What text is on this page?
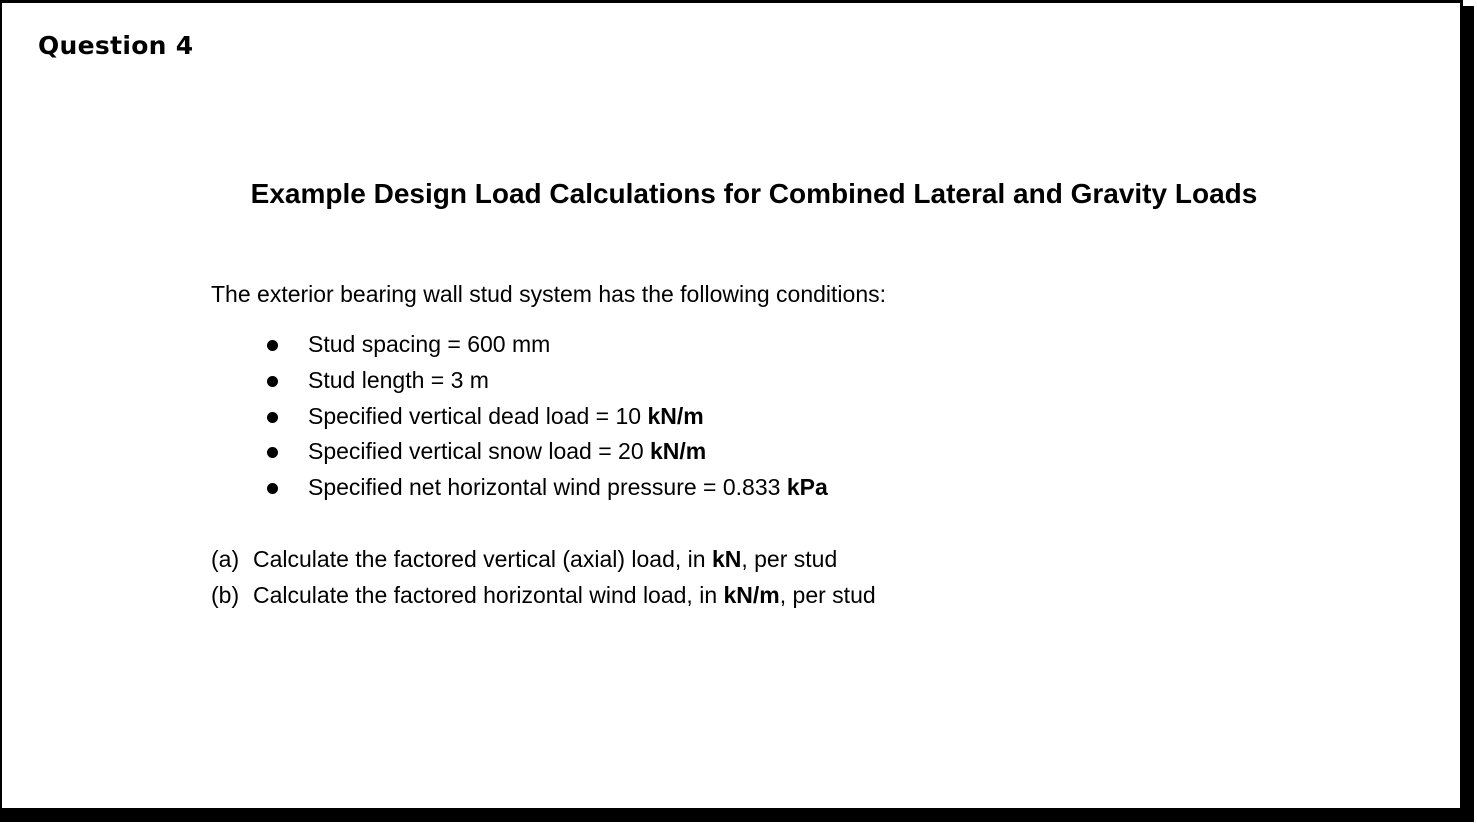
Question 4
Example Design Load Calculations for Combined Lateral and Gravity Loads

The exterior bearing wall stud system has the following conditions:

Stud spacing = 600 mm
Stud length = 3 m
Specified vertical dead load = 10 kN/m
Specified vertical snow load = 20 kN/m
Specified net horizontal wind pressure = 0.833 kPa
(a) Calculate the factored vertical (axial) load, in kN, per stud
(b) Calculate the factored horizontal wind load, in kN/m, per stud
